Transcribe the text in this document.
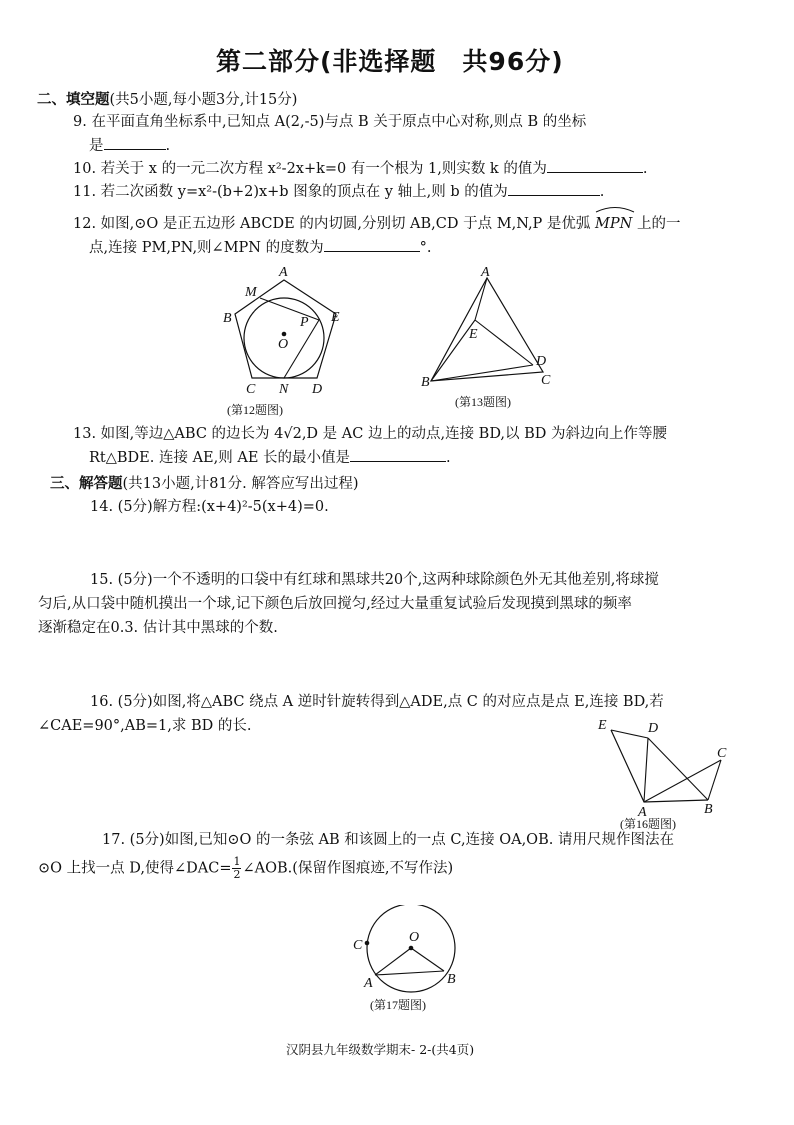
第二部分(非选择题　共96分)
二、填空题(共5小题,每小题3分,计15分)
9. 在平面直角坐标系中,已知点 A(2,-5)与点 B 关于原点中心对称,则点 B 的坐标
是	.
10. 若关于 x 的一元二次方程 x²-2x+k=0 有一个根为 1,则实数 k 的值为	.
11. 若二次函数 y=x²-(b+2)x+b 图象的顶点在 y 轴上,则 b 的值为	.
12. 如图,⊙O 是正五边形 ABCDE 的内切圆,分别切 AB,CD 于点 M,N,P 是优弧 MPN 上的一
点,连接 PM,PN,则∠MPN 的度数为	°.
A
M
B	E
P
O
C N D
(第12题图)
A
E
D
C
B
(第13题图)
13. 如图,等边△ABC 的边长为 4√2,D 是 AC 边上的动点,连接 BD,以 BD 为斜边向上作等腰
Rt△BDE. 连接 AE,则 AE 长的最小值是	.
三、解答题(共13小题,计81分. 解答应写出过程)
14. (5分)解方程:(x+4)²-5(x+4)=0.
15. (5分)一个不透明的口袋中有红球和黑球共20个,这两种球除颜色外无其他差别,将球搅
匀后,从口袋中随机摸出一个球,记下颜色后放回搅匀,经过大量重复试验后发现摸到黑球的频率
逐渐稳定在0.3. 估计其中黑球的个数.
16. (5分)如图,将△ABC 绕点 A 逆时针旋转得到△ADE,点 C 的对应点是点 E,连接 BD,若
∠CAE=90°,AB=1,求 BD 的长.	E	D
C
A	B
(第16题图)
17. (5分)如图,已知⊙O 的一条弦 AB 和该圆上的一点 C,连接 OA,OB. 请用尺规作图法在
⊙O 上找一点 D,使得∠DAC= $\frac{1}{2}$ ∠AOB.(保留作图痕迹,不写作法)
C
O
A	B
(第17题图)
汉阴县九年级数学期末- 2-(共4页)
